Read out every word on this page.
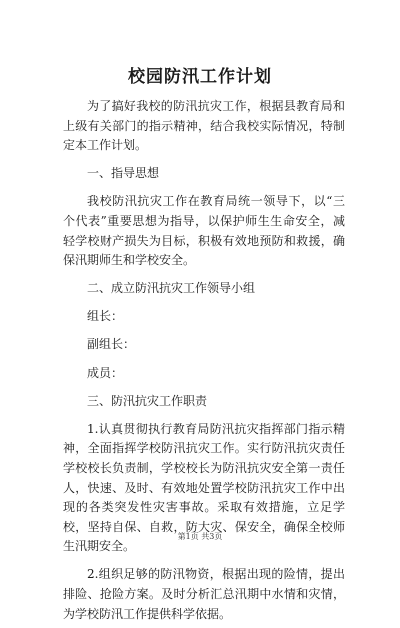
校园防汛工作计划

为了搞好我校的防汛抗灾工作，根据县教育局和上级有关部门的指示精神，结合我校实际情况，特制定本工作计划。

一、指导思想

我校防汛抗灾工作在教育局统一领导下，以“三个代表”重要思想为指导，以保护师生生命安全，减轻学校财产损失为目标，积极有效地预防和救援，确保汛期师生和学校安全。

二、成立防汛抗灾工作领导小组

组长：

副组长：

成员：

三、防汛抗灾工作职责

1.认真贯彻执行教育局防汛抗灾指挥部门指示精神，全面指挥学校防汛抗灾工作。实行防汛抗灾责任学校校长负责制，学校校长为防汛抗灾安全第一责任人，快速、及时、有效地处置学校防汛抗灾工作中出现的各类突发性灾害事故。采取有效措施，立足学校，坚持自保、自救，防大灾、保安全，确保全校师生汛期安全。

2.组织足够的防汛物资，根据出现的险情，提出排险、抢险方案。及时分析汇总汛期中水情和灾情，为学校防汛工作提供科学依据。

第1页 共3页
